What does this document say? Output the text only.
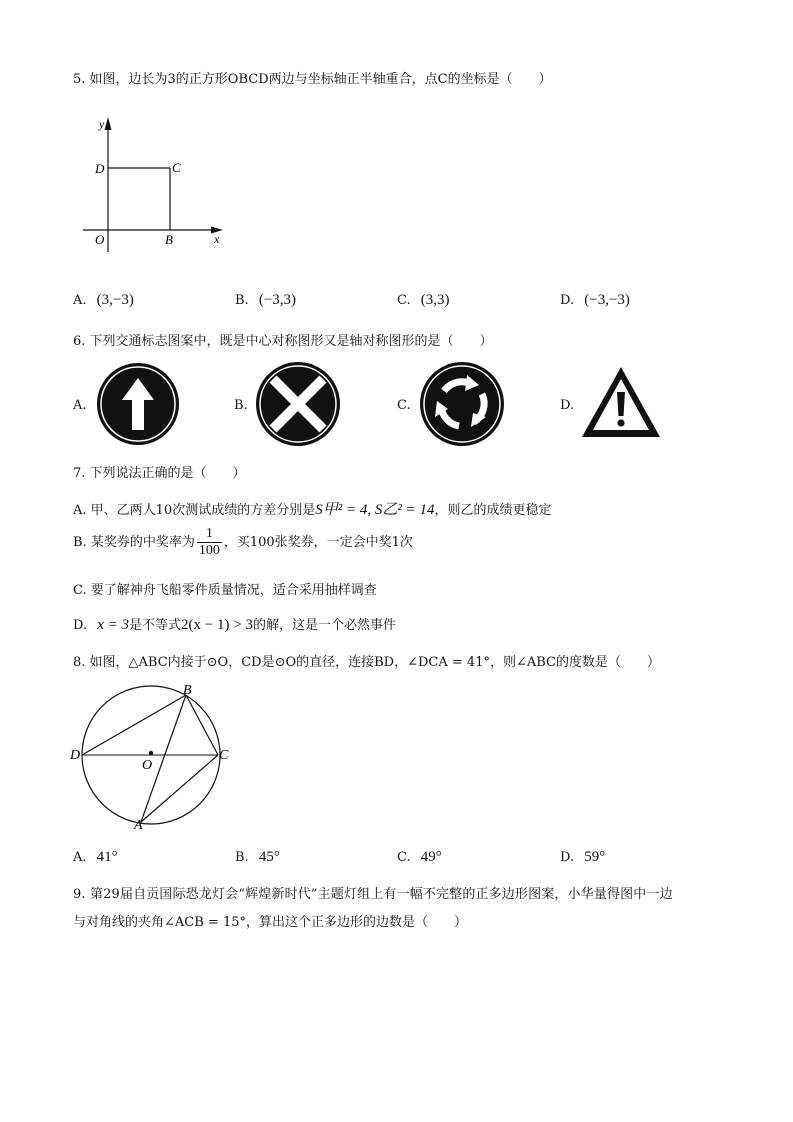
5. 如图，边长为3的正方形OBCD两边与坐标轴正半轴重合，点C的坐标是（　　）
y
x
D	C
O	B
A. (3,−3)	B. (−3,3)	C. (3,3)	D. (−3,−3)
6. 下列交通标志图案中，既是中心对称图形又是轴对称图形的是（　　）
A.	B.	C.	D.
7. 下列说法正确的是（　　）
A. 甲、乙两人10次测试成绩的方差分别是S甲² = 4, S乙² = 14，则乙的成绩更稳定
B. 某奖券的中奖率为 $\frac{1}{100}$ ，买100张奖券，一定会中奖1次
C. 要了解神舟飞船零件质量情况，适合采用抽样调查
D. x = 3是不等式2(x − 1) > 3的解，这是一个必然事件
8. 如图，△ABC内接于⊙O，CD是⊙O的直径，连接BD，∠DCA = 41°，则∠ABC的度数是（　　）
B
D
O
C
A
A. 41°	B. 45°	C. 49°	D. 59°
9. 第29届自贡国际恐龙灯会“辉煌新时代”主题灯组上有一幅不完整的正多边形图案，小华量得图中一边
与对角线的夹角∠ACB = 15°，算出这个正多边形的边数是（　　）
